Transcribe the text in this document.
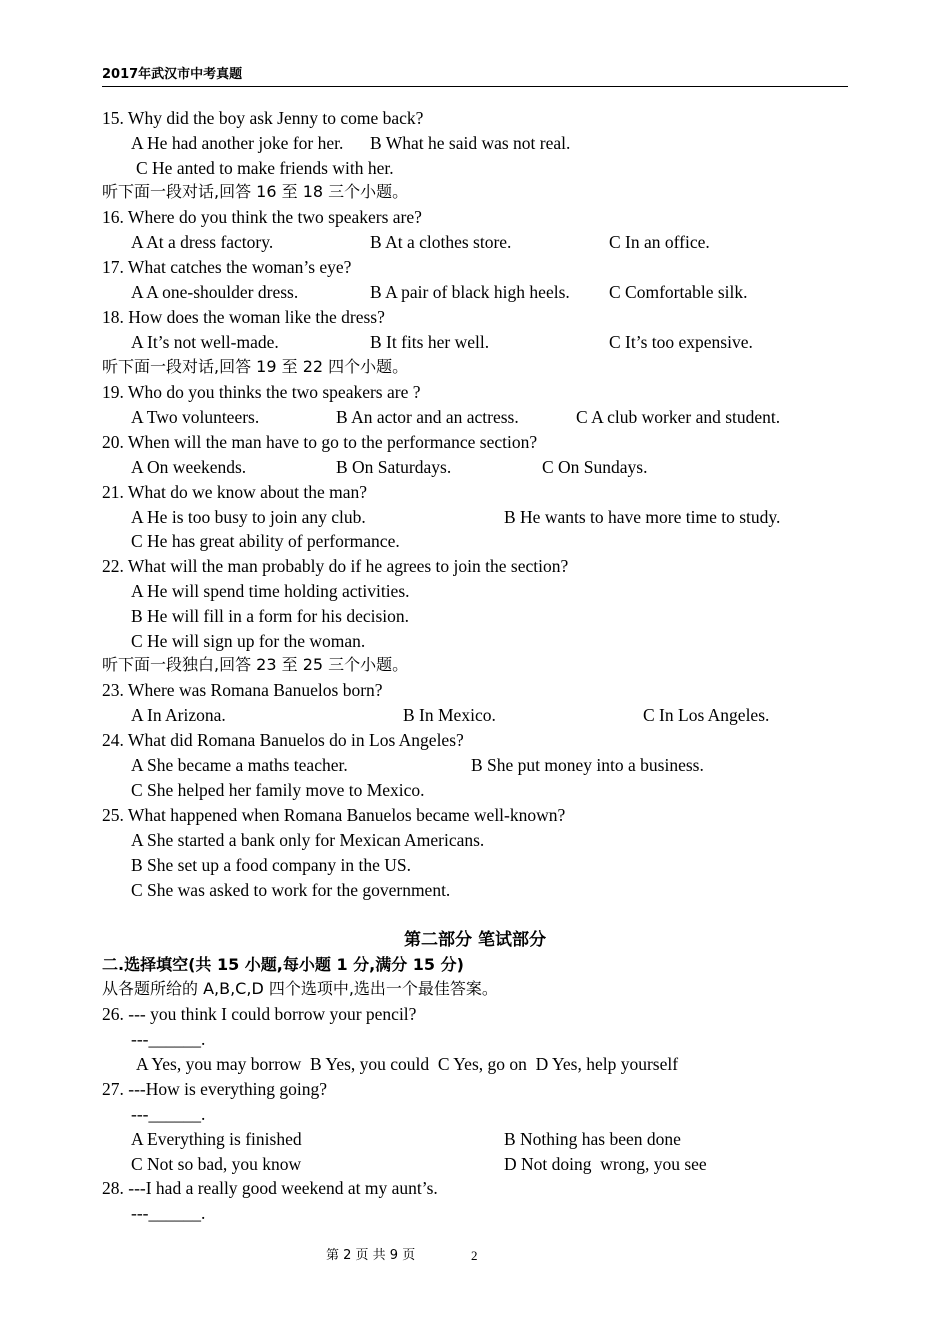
2017年武汉市中考真题
15. Why did the boy ask Jenny to come back?
A He had another joke for her. B What he said was not real.
C He anted to make friends with her.
听下面一段对话,回答 16 至 18 三个小题。
16. Where do you think the two speakers are?
A At a dress factory.	B At a clothes store.	C In an office.
17. What catches the woman’s eye?
A A one-shoulder dress.	B A pair of black high heels. C Comfortable silk.
18. How does the woman like the dress?
A It’s not well-made.	B It fits her well.	C It’s too expensive.
听下面一段对话,回答 19 至 22 四个小题。
19. Who do you thinks the two speakers are ?
A Two volunteers.	B An actor and an actress.	C A club worker and student.
20. When will the man have to go to the performance section?
A On weekends.	B On Saturdays.	C On Sundays.
21. What do we know about the man?
A He is too busy to join any club.	B He wants to have more time to study.
C He has great ability of performance.
22. What will the man probably do if he agrees to join the section?
A He will spend time holding activities.
B He will fill in a form for his decision.
C He will sign up for the woman.
听下面一段独白,回答 23 至 25 三个小题。
23. Where was Romana Banuelos born?
A In Arizona.	B In Mexico.	C In Los Angeles.
24. What did Romana Banuelos do in Los Angeles?
A She became a maths teacher.	B She put money into a business.
C She helped her family move to Mexico.
25. What happened when Romana Banuelos became well-known?
A She started a bank only for Mexican Americans.
B She set up a food company in the US.
C She was asked to work for the government.
第二部分 笔试部分
二.选择填空(共 15 小题,每小题 1 分,满分 15 分)
从各题所给的 A,B,C,D 四个选项中,选出一个最佳答案。
26. --- you think I could borrow your pencil?
---______.
A Yes, you may borrow  B Yes, you could  C Yes, go on  D Yes, help yourself
27. ---How is everything going?
---______.
A Everything is finished	B Nothing has been done
C Not so bad, you know	D Not doing  wrong, you see
28. ---I had a really good weekend at my aunt’s.
---______.
第 2 页 共 9 页	2
